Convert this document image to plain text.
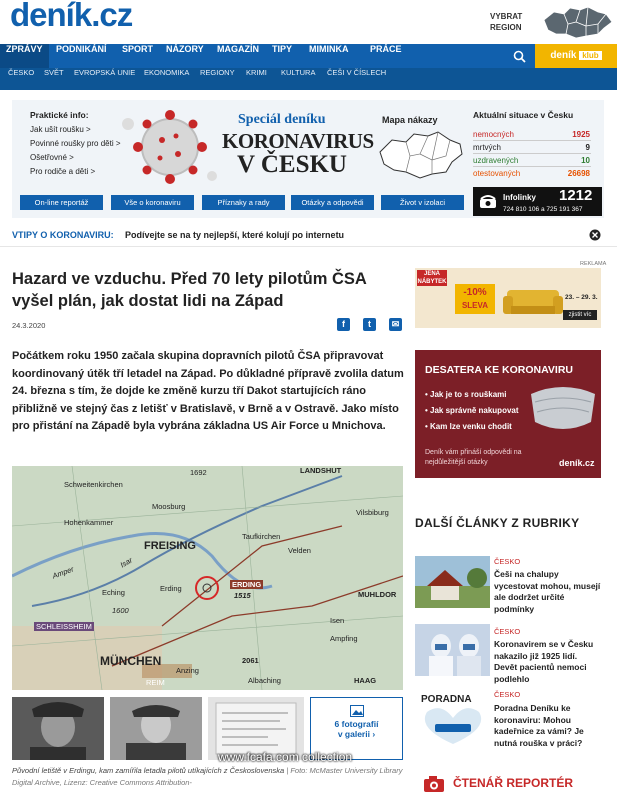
deník.cz	VYBRAT
REGION
ZPRÁVY	PODNIKÁNÍ	SPORT	NÁZORY	MAGAZÍN	TIPY	MIMINKA	PRÁCE
deník klub
ČESKO SVĚT EVROPSKÁ UNIE EKONOMIKA REGIONY KRIMI KULTURA ČEŠI V ČÍSLECH
Praktické info:
Jak ušít roušku >
Povinné roušky pro děti >
Ošetřovné >
Pro rodiče a děti >
Speciál deníku
KORONAVIRUS
V ČESKU
Mapa nákazy	Aktuální situace v Česku
nemocných	1925
mrtvých	9
uzdravených	10
otestovaných	26698
On-line reportáž	Vše o koronaviru	Příznaky a rady	Otázky a odpovědi	Život v izolaci
Infolinky 1212
724 810 106 a 725 191 367
VTIPY O KORONAVIRU: Podívejte se na ty nejlepší, které kolují po internetu
Hazard ve vzduchu. Před 70 lety pilotům ČSA vyšel plán, jak dostat lidi na Západ
24.3.2020	f	t	✉
Počátkem roku 1950 začala skupina dopravních pilotů ČSA připravovat koordinovaný útěk tří letadel na Západ. Po důkladné přípravě zvolila datum 24. března s tím, že dojde ke změně kurzu tří Dakot startujících ráno přibližně ve stejný čas z letišť v Bratislavě, v Brně a v Ostravě. Jako místo pro přistání na Západě byla vybrána základna US Air Force u Mnichova.
1692	LANDSHUT
Schweitenkirchen
Moosburg
Vilsbiburg
Hohenkammer
FREISING
Taufkirchen
Velden
ERDING
1515
Eching	Erding
MUHLDOR
SCHLEISSHEIM
1600
Isen
Ampfing
MÜNCHEN	2061
Anzing
REIM	Albaching	HAAG
Amper
Isar
6 fotografií
v galerii ›
Původní letiště v Erdingu, kam zamířila letadla pilotů utíkajících z Československa | Foto: McMaster University Library Digital Archive, Lizenz: Creative Commons Attribution-
www.fcafa.com collection
REKLAMA
JENA
NÁBYTEK
-10%
SLEVA
23. – 29. 3.
zjistit víc
DESATERA KE KORONAVIRU
• Jak je to s rouškami
• Jak správně nakupovat
• Kam lze venku chodit
Deník vám přináší odpovědi na nejdůležitější otázky	deník.cz
DALŠÍ ČLÁNKY Z RUBRIKY
ČESKO
Češi na chalupy vycestovat mohou, musejí ale dodržet určité podmínky
ČESKO
Koronavirem se v Česku nakazilo již 1925 lidí. Devět pacientů nemoci podlehlo
PORADNA	ČESKO
Poradna Deníku ke koronaviru: Mohou kadeřnice za vámi? Je nutná rouška v práci?
ČTENÁŘ REPORTÉR
